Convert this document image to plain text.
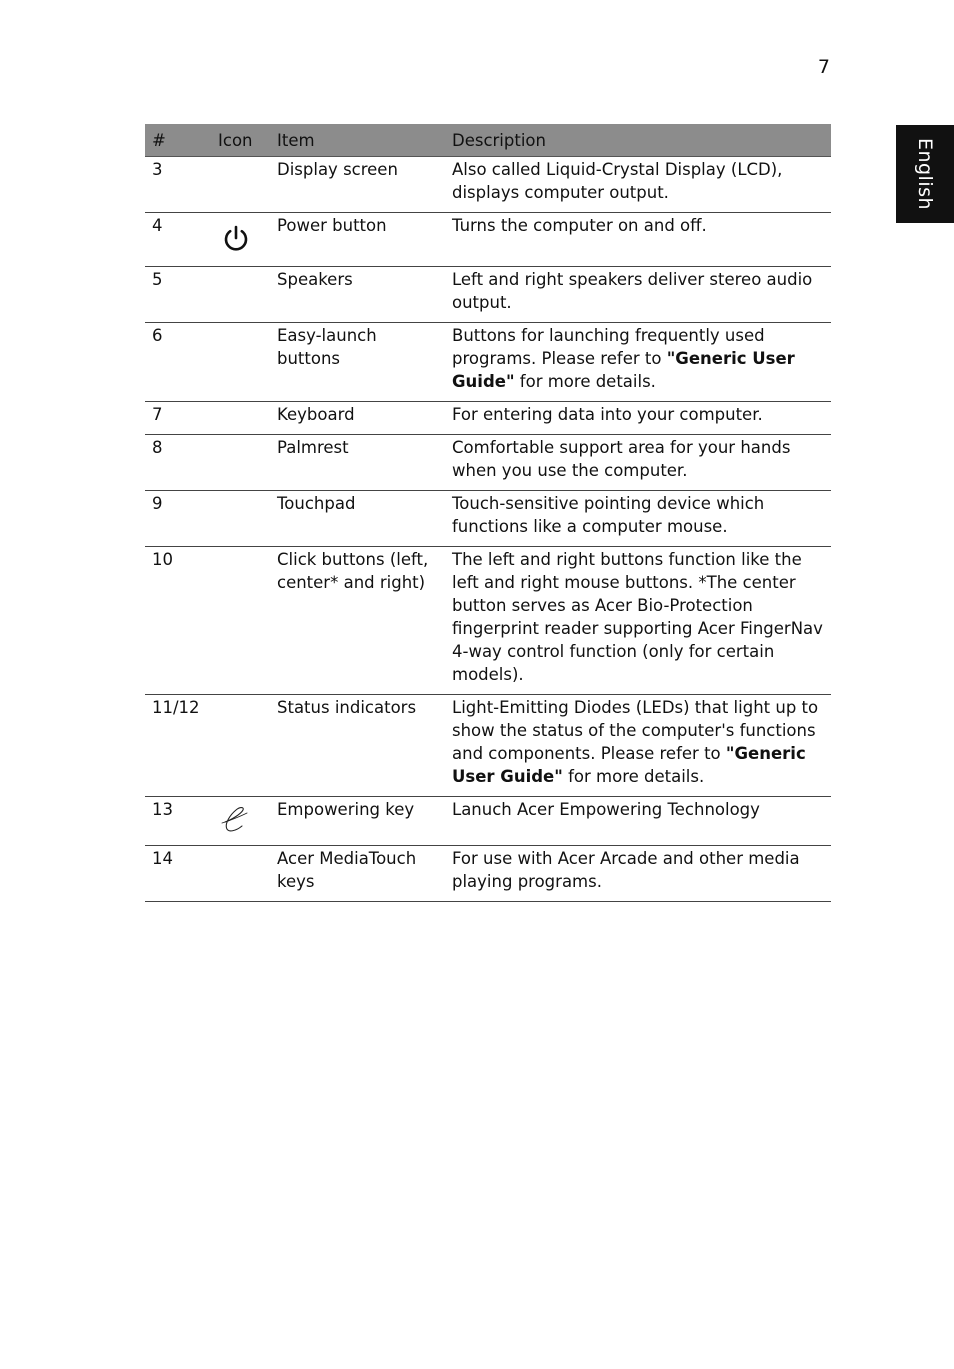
7
English
#	Icon	Item	Description
3		Display screen	Also called Liquid-Crystal Display (LCD), displays computer output.
4		Power button	Turns the computer on and off.
5		Speakers	Left and right speakers deliver stereo audio output.
6		Easy-launch buttons	Buttons for launching frequently used programs. Please refer to "Generic User Guide" for more details.
7		Keyboard	For entering data into your computer.
8		Palmrest	Comfortable support area for your hands when you use the computer.
9		Touchpad	Touch-sensitive pointing device which functions like a computer mouse.
10		Click buttons (left, center* and right)	The left and right buttons function like the left and right mouse buttons. *The center button serves as Acer Bio-Protection fingerprint reader supporting Acer FingerNav 4-way control function (only for certain models).
11/12		Status indicators	Light-Emitting Diodes (LEDs) that light up to show the status of the computer's functions and components. Please refer to "Generic User Guide" for more details.
13		Empowering key	Lanuch Acer Empowering Technology
14		Acer MediaTouch keys	For use with Acer Arcade and other media playing programs.
